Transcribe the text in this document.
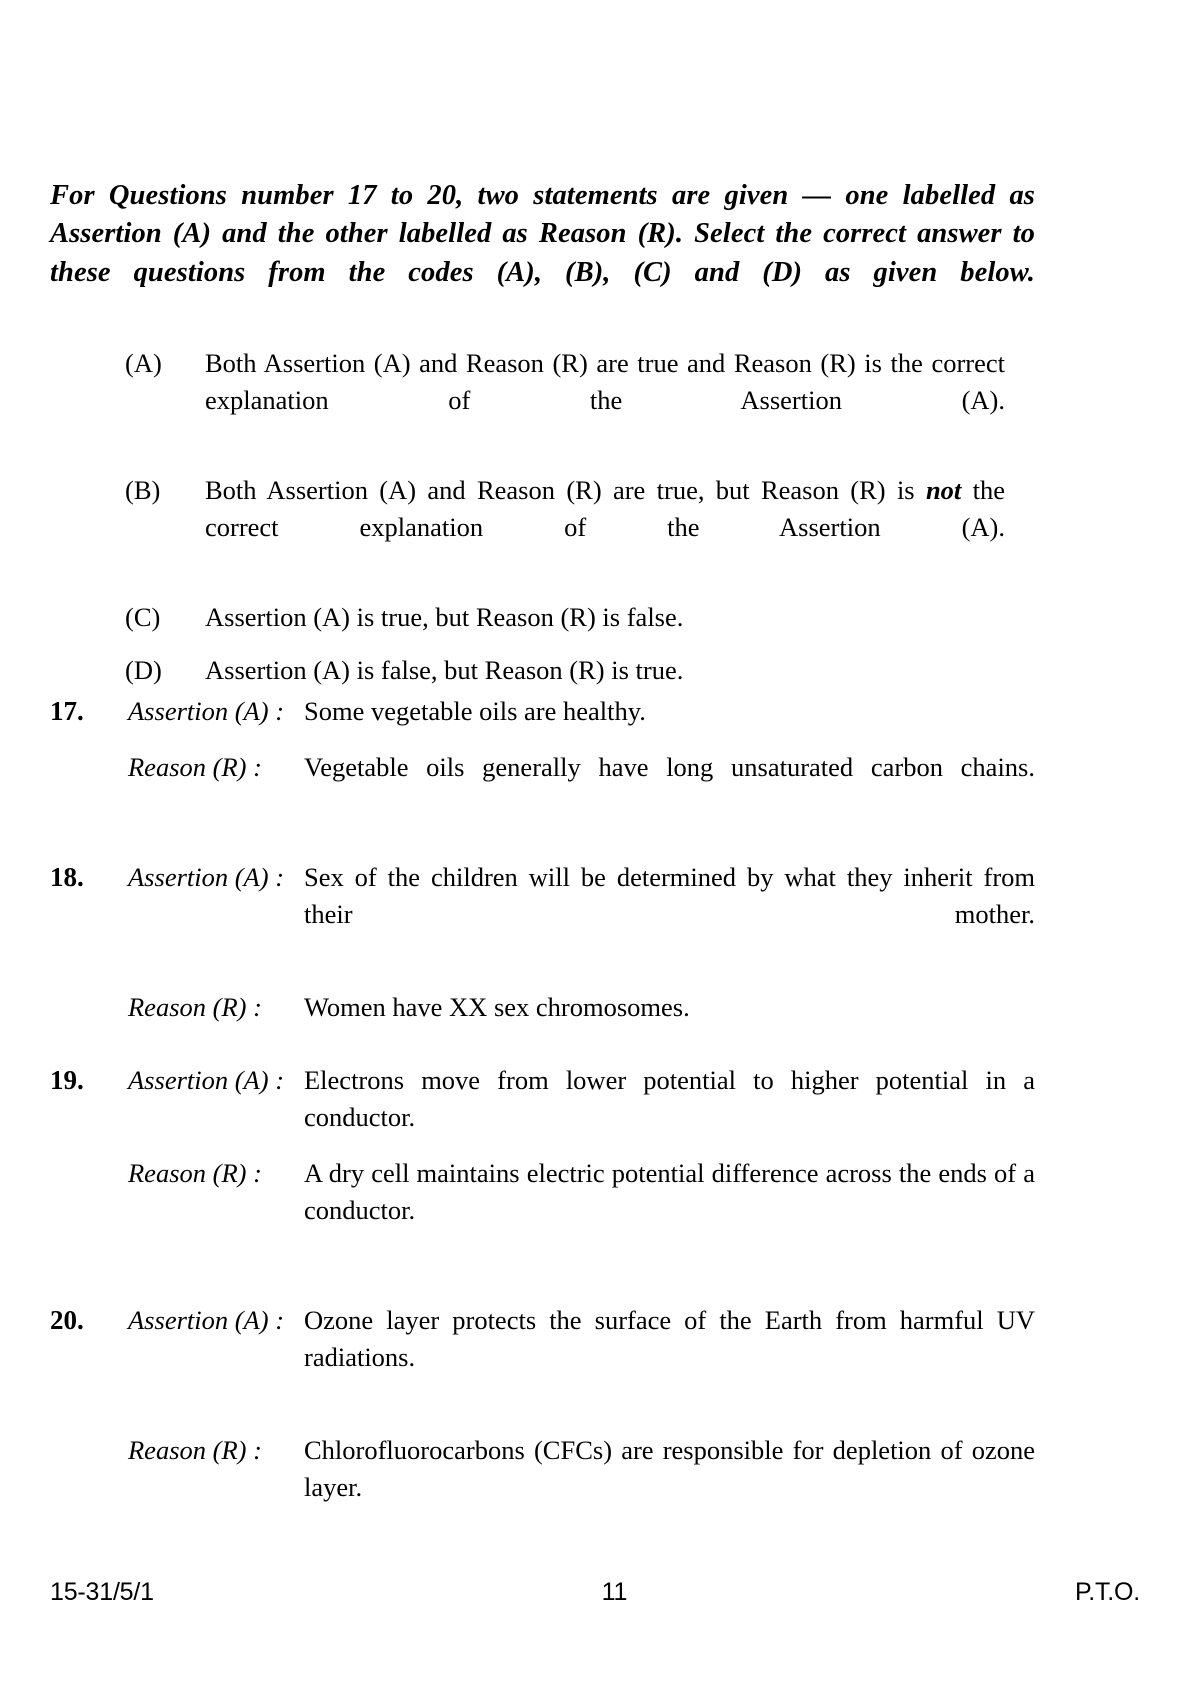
For Questions number 17 to 20, two statements are given — one labelled as Assertion (A) and the other labelled as Reason (R). Select the correct answer to these questions from the codes (A), (B), (C) and (D) as given below.

(A)	Both Assertion (A) and Reason (R) are true and Reason (R) is the correct explanation of the Assertion (A).
(B)	Both Assertion (A) and Reason (R) are true, but Reason (R) is not the correct explanation of the Assertion (A).
(C)	Assertion (A) is true, but Reason (R) is false.
(D)	Assertion (A) is false, but Reason (R) is true.
17.	Assertion (A) : Some vegetable oils are healthy.
Reason (R) :	Vegetable oils generally have long unsaturated carbon chains.
18.	Assertion (A) : Sex of the children will be determined by what they inherit from their mother.
Reason (R) :	Women have XX sex chromosomes.
19.	Assertion (A) : Electrons move from lower potential to higher potential in a conductor.
Reason (R) :	A dry cell maintains electric potential difference across the ends of a conductor.
20.	Assertion (A) : Ozone layer protects the surface of the Earth from harmful UV radiations.
Reason (R) :	Chlorofluorocarbons (CFCs) are responsible for depletion of ozone layer.
15-31/5/1	11	P.T.O.
